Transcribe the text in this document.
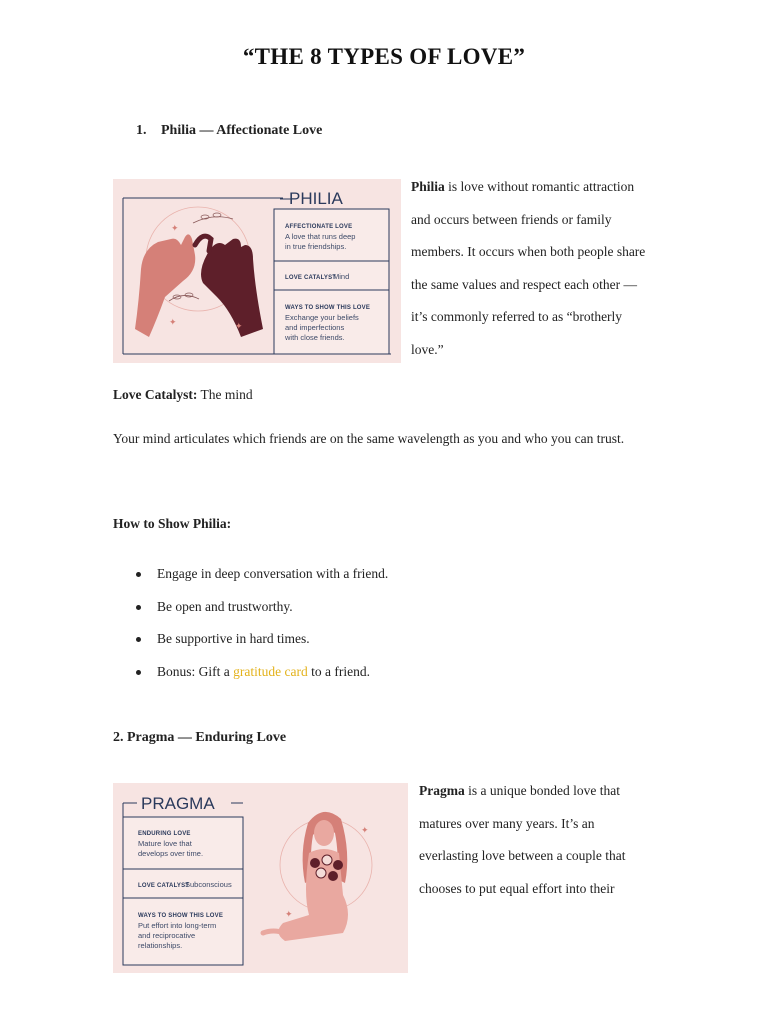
“THE 8 TYPES OF LOVE”
1. Philia — Affectionate Love
✦
✦	✦
PHILIA
AFFECTIONATE LOVE
A love that runs deep
in true friendships.
LOVE CATALYST
Mind
WAYS TO SHOW THIS LOVE
Exchange your beliefs
and imperfections
with close friends.
Philia is love without romantic attraction
and occurs between friends or family
members. It occurs when both people share
the same values and respect each other —
it’s commonly referred to as “brotherly
love.”
Love Catalyst: The mind
Your mind articulates which friends are on the same wavelength as you and who you can trust.
How to Show Philia:
Engage in deep conversation with a friend.
Be open and trustworthy.
Be supportive in hard times.
Bonus: Gift a gratitude card to a friend.
2. Pragma — Enduring Love
✦
✦
PRAGMA
ENDURING LOVE
Mature love that
develops over time.
LOVE CATALYST
Subconscious
WAYS TO SHOW THIS LOVE
Put effort into long-term
and reciprocative
relationships.
Pragma is a unique bonded love that
matures over many years. It’s an
everlasting love between a couple that
chooses to put equal effort into their
